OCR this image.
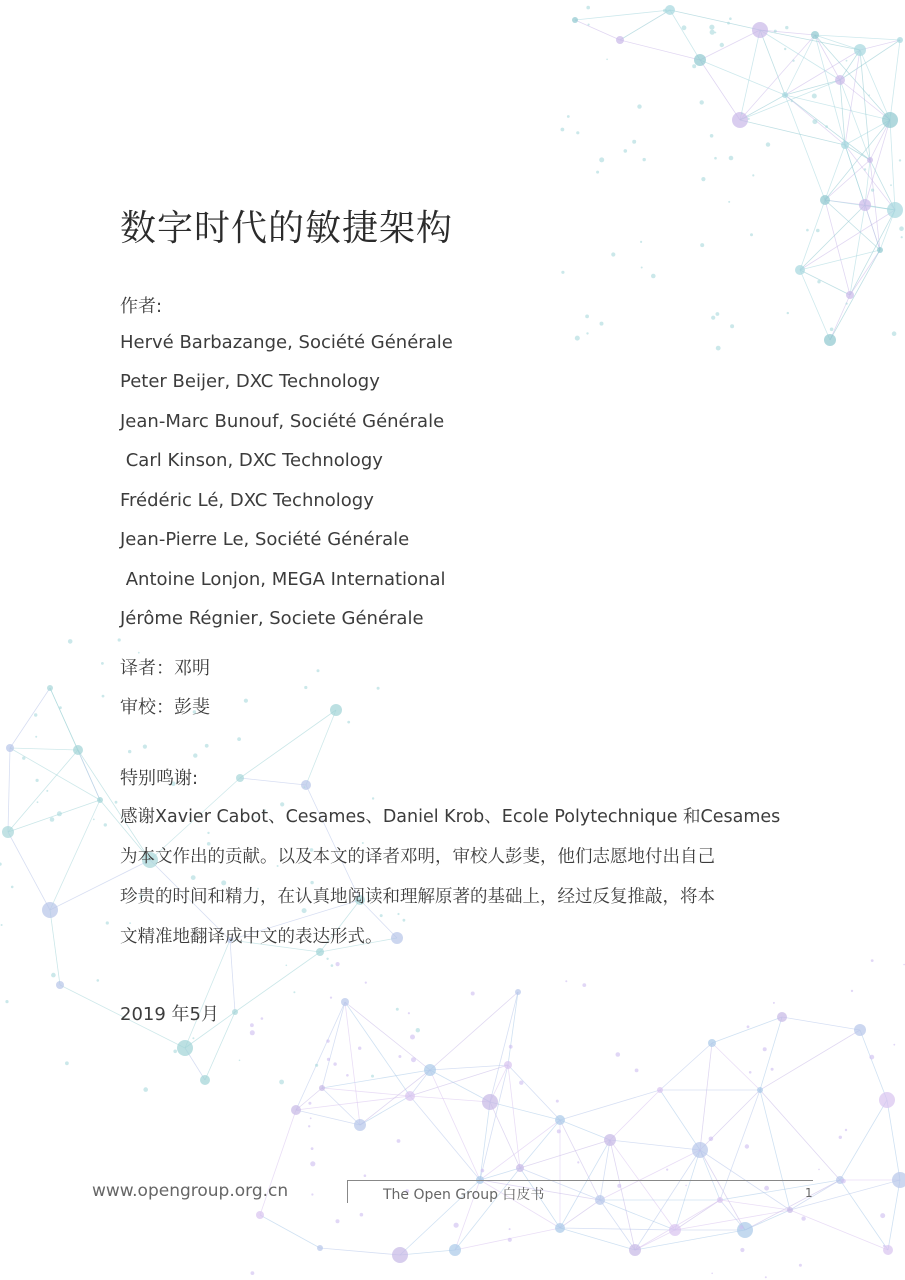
数字时代的敏捷架构
作者:
Hervé Barbazange, Société Générale
Peter Beijer, DXC Technology
Jean-Marc Bunouf, Société Générale
Carl Kinson, DXC Technology
Frédéric Lé, DXC Technology
Jean-Pierre Le, Société Générale
Antoine Lonjon, MEGA International
Jérôme Régnier, Societe Générale
译者：邓明
审校：彭斐
特别鸣谢:
感谢Xavier Cabot、Cesames、Daniel Krob、Ecole Polytechnique 和Cesames
为本文作出的贡献。以及本文的译者邓明，审校人彭斐，他们志愿地付出自己
珍贵的时间和精力，在认真地阅读和理解原著的基础上，经过反复推敲，将本
文精准地翻译成中文的表达形式。
2019 年5月
www.opengroup.org.cn	The Open Group 白皮书	1
